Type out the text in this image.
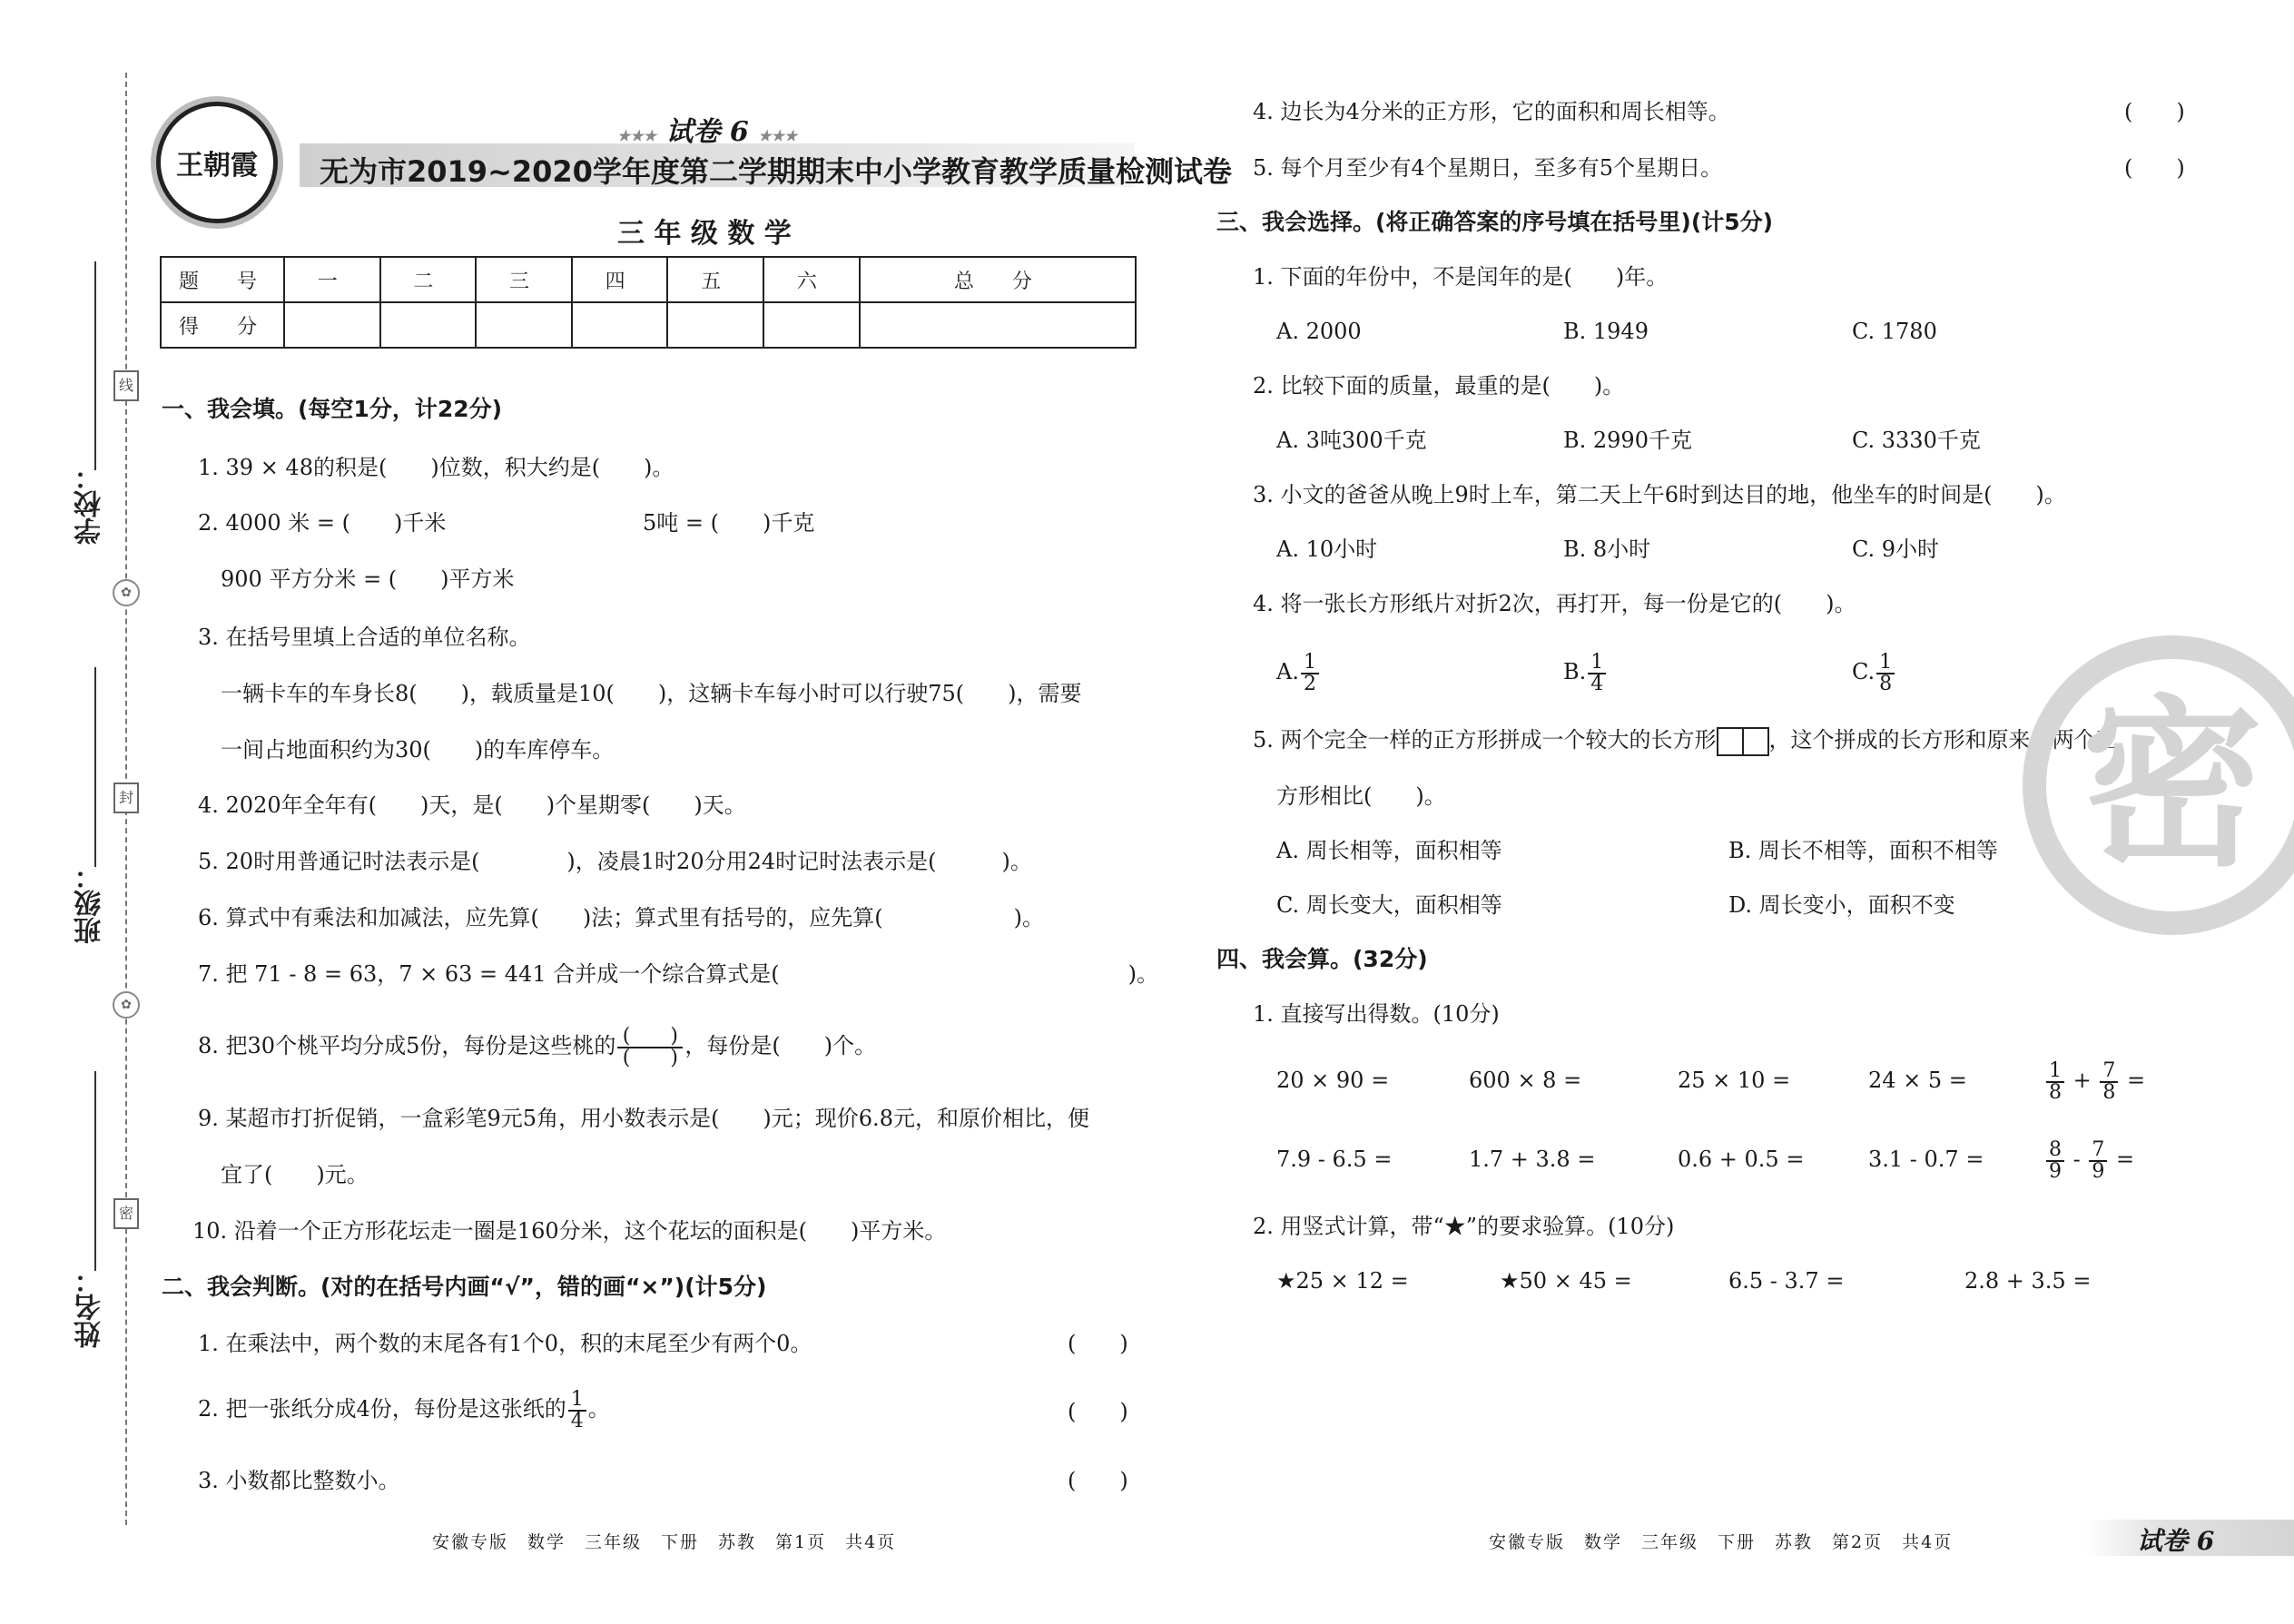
线
✿
封
✿
密
学校：
班级：
姓名：
王朝霞
★★★ 试卷 6 ★★★
无为市2019~2020学年度第二学期期末中小学教育教学质量检测试卷
三 年 级 数 学
题　号	一	二	三	四	五	六	总　分
得　分							
一、我会填。(每空1分，计22分)
1. 39 × 48的积是(　　)位数，积大约是(　　)。
2. 4000 米 = (　　)千米	5吨 = (　　)千克
900 平方分米 = (　　)平方米
3. 在括号里填上合适的单位名称。
一辆卡车的车身长8(　　)，载质量是10(　　)，这辆卡车每小时可以行驶75(　　)，需要
一间占地面积约为30(　　)的车库停车。
4. 2020年全年有(　　)天，是(　　)个星期零(　　)天。
5. 20时用普通记时法表示是(　　　　)，凌晨1时20分用24时记时法表示是(　　　)。
6. 算式中有乘法和加减法，应先算(　　)法；算式里有括号的，应先算(　　　　　　)。
7. 把 71 - 8 = 63，7 × 63 = 441 合并成一个综合算式是(　　　　　　　　　　　　　　　　)。
8. 把30个桃平均分成5份，每份是这些桃的 $\frac{( )}{( )}$ ，每份是(　　)个。
9. 某超市打折促销，一盒彩笔9元5角，用小数表示是(　　)元；现价6.8元，和原价相比，便
宜了(　　)元。
10. 沿着一个正方形花坛走一圈是160分米，这个花坛的面积是(　　)平方米。
二、我会判断。(对的在括号内画“√”，错的画“×”)(计5分)
1. 在乘法中，两个数的末尾各有1个0，积的末尾至少有两个0。	(　　)
2. 把一张纸分成4份，每份是这张纸的 $\frac{1}{4}$ 。	(　　)
3. 小数都比整数小。	(　　)
安徽专版　数学　三年级　下册　苏教　第1页　共4页
4. 边长为4分米的正方形，它的面积和周长相等。	(　　)
5. 每个月至少有4个星期日，至多有5个星期日。	(　　)
三、我会选择。(将正确答案的序号填在括号里)(计5分)
1. 下面的年份中，不是闰年的是(　　)年。
A. 2000	B. 1949	C. 1780
2. 比较下面的质量，最重的是(　　)。
A. 3吨300千克	B. 2990千克	C. 3330千克
3. 小文的爸爸从晚上9时上车，第二天上午6时到达目的地，他坐车的时间是(　　)。
A. 10小时	B. 8小时	C. 9小时
4. 将一张长方形纸片对折2次，再打开，每一份是它的(　　)。
A. $\frac{1}{2}$	B. $\frac{1}{4}$	C. $\frac{1}{8}$
5. 两个完全一样的正方形拼成一个较大的长方形 ，这个拼成的长方形和原来的两个正
方形相比(　　)。
A. 周长相等，面积相等	B. 周长不相等，面积不相等
C. 周长变大，面积相等	D. 周长变小，面积不变
四、我会算。(32分)
1. 直接写出得数。(10分)
20 × 90 =	600 × 8 =	25 × 10 =	24 × 5 =	$\frac{1}{8} + \frac{7}{8}$ =
7.9 - 6.5 =	1.7 + 3.8 =	0.6 + 0.5 =	3.1 - 0.7 =	$\frac{8}{9} - \frac{7}{9}$ =
2. 用竖式计算，带“★”的要求验算。(10分)
★25 × 12 =	★50 × 45 =	6.5 - 3.7 =	2.8 + 3.5 =
密
安徽专版　数学　三年级　下册　苏教　第2页　共4页	试卷 6
